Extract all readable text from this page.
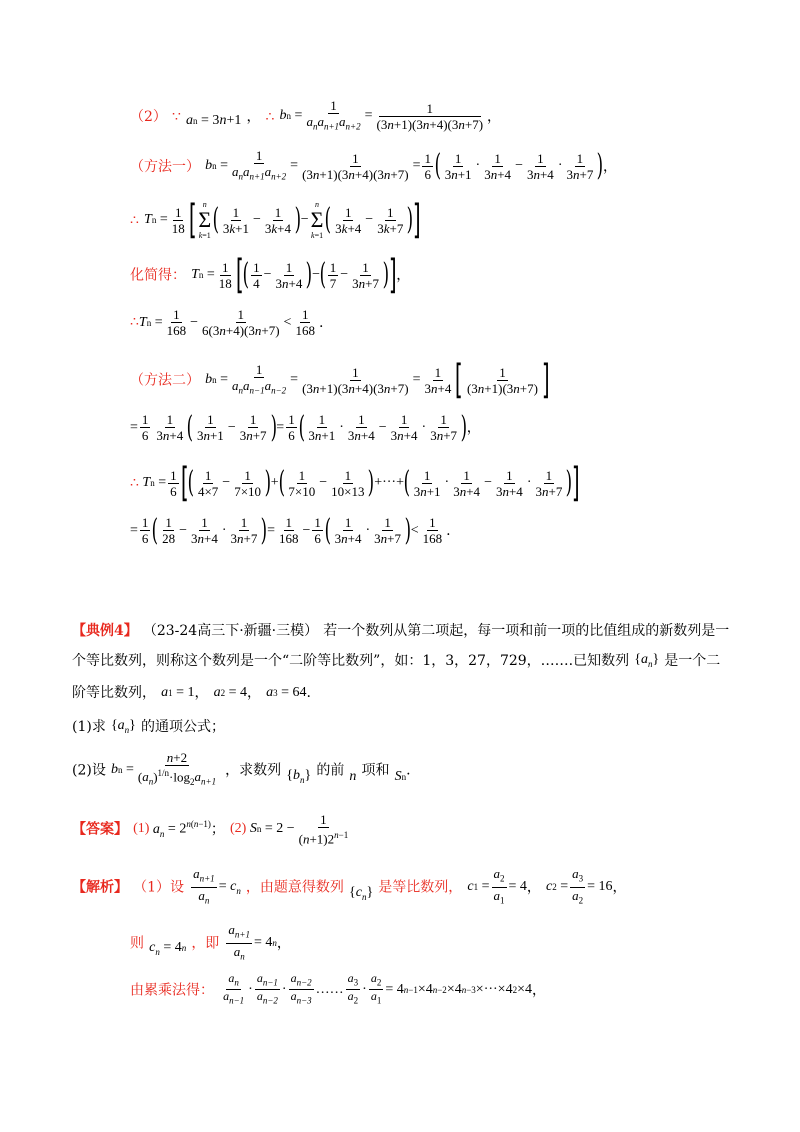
（2） ∵ a n = 3 n +1 ， ∴ b $n = \frac{1}{a_na_{n+1}a_{n+2}} = \frac{1}{(3n+1)(3n+4)(3n+7)}$ ，
（方法一） b $n = \frac{1}{a_na_{n+1}a_{n+2}} = \frac{1}{(3n+1)(3n+4)(3n+7)} = \frac{1}{6}$ ( $\frac{1}{3n+1} \cdot \frac{1}{3n+4} - \frac{1}{3n+4} \cdot \frac{1}{3n+7}$ ) ，
∴ T $n = \frac{1}{18}$ [ n
Σ
k=1 ( $\frac{1}{3k+1} - \frac{1}{3k+4}$ ) −
n
Σ
k=1 ( $\frac{1}{3k+4} - \frac{1}{3k+7}$ ) ]
化简得： T $n = \frac{1}{18}$ [ ( $\frac{1}{4} - \frac{1}{3n+4}$ ) − ( $\frac{1}{7} - \frac{1}{3n+7}$ ) ] ，
∴ T $n = \frac{1}{168} - \frac{1}{6(3n+4)(3n+7)} < \frac{1}{168}$ .
（方法二） b $n = \frac{1}{a_na_{n-1}a_{n-2}} = \frac{1}{(3n+1)(3n+4)(3n+7)} = \frac{1}{3n+4}$ [ $\frac{1}{(3n+1)(3n+7)}$ ]
= $\frac{1}{6} \frac{1}{3n+4}$ ( $\frac{1}{3n+1} - \frac{1}{3n+7}$ ) = $\frac{1}{6}$ ( $\frac{1}{3n+1} \cdot \frac{1}{3n+4} - \frac{1}{3n+4} \cdot \frac{1}{3n+7}$ ) ，
∴
T $n = \frac{1}{6}$ [ ( $\frac{1}{4\times 7} - \frac{1}{7\times 10}$ ) + ( $\frac{1}{7\times 10} - \frac{1}{10\times 13}$ ) +···+ ( $\frac{1}{3n+1} \cdot \frac{1}{3n+4} - \frac{1}{3n+4} \cdot \frac{1}{3n+7}$ ) ]
= $\frac{1}{6}$ ( $\frac{1}{28} - \frac{1}{3n+4} \cdot \frac{1}{3n+7}$ ) = $\frac{1}{168} - \frac{1}{6}$ ( $\frac{1}{3n+4} \cdot \frac{1}{3n+7}$ ) < $\frac{1}{168}$ .
【典例4】 （23-24高三下·新疆·三模） 若一个数列从第二项起，每一项和前一项的比值组成的新数列是一
个等比数列，则称这个数列是一个“二阶等比数列”，如：1，3，27，729，…….已知数列 { $a_n$ } 是一个二
阶等比数列， a 1 = 1， a 2 = 4， a 3 = 64.
(1)求 { $a_n$ } 的通项公式；
(2)设 b $n = \frac{n+2}{(a_n)^{1/n}\cdot\log_2a_{n+1}}$ ，求数列 { $b_n$ } 的前 n 项和 S n .
【答案】 (1) $a_n = 2^{n(n-1)}$ ； (2)
S $n = 2 - \frac{1}{(n+1)2^{n-1}}$
【解析】 （1）设 $\frac{a_{n+1}}{a_n} = c_n$ ，由题意得数列 { $c_n$ } 是等比数列， c $1 = \frac{a_2}{a_1} = 4$， c $2 = \frac{a_3}{a_2} = 16$，
则 $c_n = 4$ n ，即 $\frac{a_{n+1}}{a_n} = 4$ n ，
由累乘法得： $\frac{a_n}{a_{n-1}} \cdot \frac{a_{n-1}}{a_{n-2}} \cdot \frac{a_{n-2}}{a_{n-3}}$ …… $\frac{a_3}{a_2} \cdot \frac{a_2}{a_1} = 4$ n−1 ×4 n−2 ×4 n−3 ×···×4 2 ×4，
